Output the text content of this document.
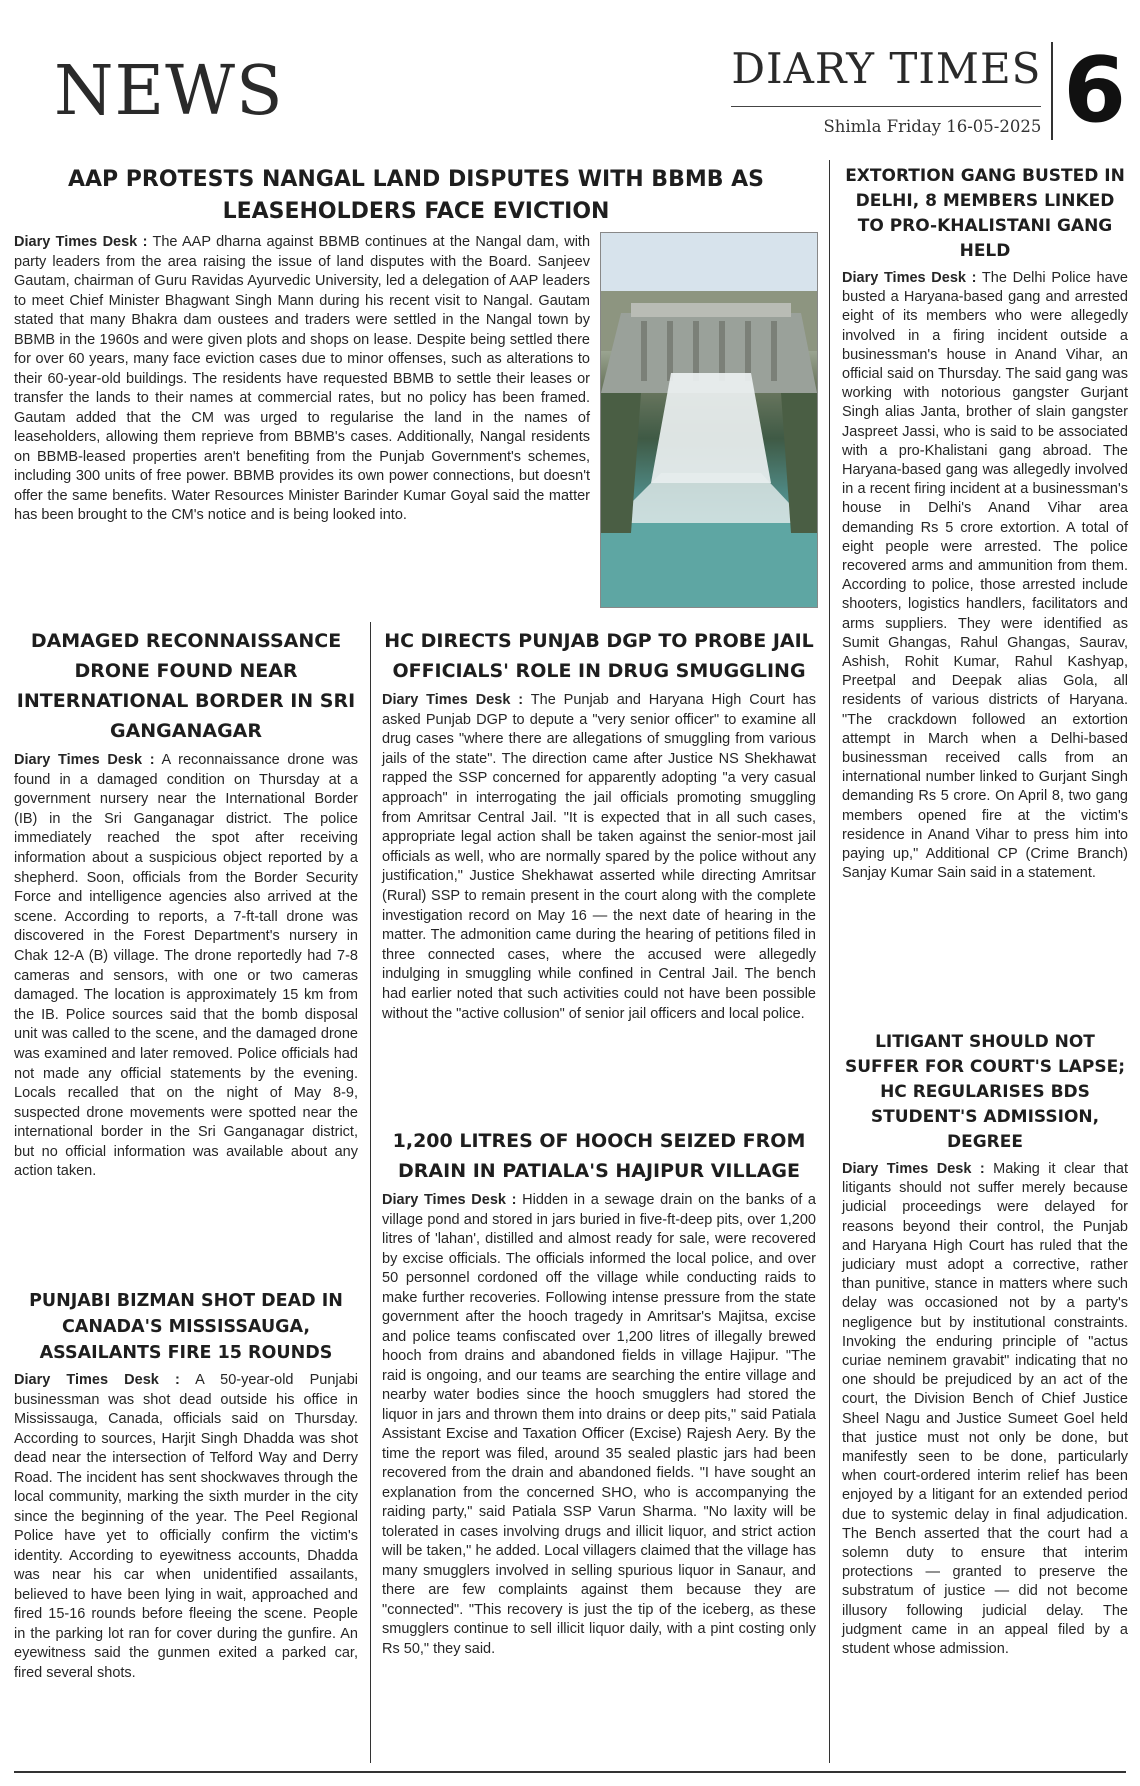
NEWS	DIARY TIMES
Shimla Friday 16-05-2025 6
AAP PROTESTS NANGAL LAND DISPUTES WITH BBMB AS LEASEHOLDERS FACE EVICTION

Diary Times Desk : The AAP dharna against BBMB continues at the Nangal dam, with party leaders from the area raising the issue of land disputes with the Board. Sanjeev Gautam, chairman of Guru Ravidas Ayurvedic University, led a delegation of AAP leaders to meet Chief Minister Bhagwant Singh Mann during his recent visit to Nangal. Gautam stated that many Bhakra dam oustees and traders were settled in the Nangal town by BBMB in the 1960s and were given plots and shops on lease. Despite being settled there for over 60 years, many face eviction cases due to minor offenses, such as alterations to their 60-year-old buildings. The residents have requested BBMB to settle their leases or transfer the lands to their names at commercial rates, but no policy has been framed. Gautam added that the CM was urged to regularise the land in the names of leaseholders, allowing them reprieve from BBMB's cases. Additionally, Nangal residents on BBMB-leased properties aren't benefiting from the Punjab Government's schemes, including 300 units of free power. BBMB provides its own power connections, but doesn't offer the same benefits. Water Resources Minister Barinder Kumar Goyal said the matter has been brought to the CM's notice and is being looked into.

EXTORTION GANG BUSTED IN DELHI, 8 MEMBERS LINKED TO PRO-KHALISTANI GANG HELD

Diary Times Desk : The Delhi Police have busted a Haryana-based gang and arrested eight of its members who were allegedly involved in a firing incident outside a businessman's house in Anand Vihar, an official said on Thursday. The said gang was working with notorious gangster Gurjant Singh alias Janta, brother of slain gangster Jaspreet Jassi, who is said to be associated with a pro-Khalistani gang abroad. The Haryana-based gang was allegedly involved in a recent firing incident at a businessman's house in Delhi's Anand Vihar area demanding Rs 5 crore extortion. A total of eight people were arrested. The police recovered arms and ammunition from them. According to police, those arrested include shooters, logistics handlers, facilitators and arms suppliers. They were identified as Sumit Ghangas, Rahul Ghangas, Saurav, Ashish, Rohit Kumar, Rahul Kashyap, Preetpal and Deepak alias Gola, all residents of various districts of Haryana. "The crackdown followed an extortion attempt in March when a Delhi-based businessman received calls from an international number linked to Gurjant Singh demanding Rs 5 crore. On April 8, two gang members opened fire at the victim's residence in Anand Vihar to press him into paying up," Additional CP (Crime Branch) Sanjay Kumar Sain said in a statement.

LITIGANT SHOULD NOT SUFFER FOR COURT'S LAPSE; HC REGULARISES BDS STUDENT'S ADMISSION, DEGREE

Diary Times Desk : Making it clear that litigants should not suffer merely because judicial proceedings were delayed for reasons beyond their control, the Punjab and Haryana High Court has ruled that the judiciary must adopt a corrective, rather than punitive, stance in matters where such delay was occasioned not by a party's negligence but by institutional constraints. Invoking the enduring principle of "actus curiae neminem gravabit" indicating that no one should be prejudiced by an act of the court, the Division Bench of Chief Justice Sheel Nagu and Justice Sumeet Goel held that justice must not only be done, but manifestly seen to be done, particularly when court-ordered interim relief has been enjoyed by a litigant for an extended period due to systemic delay in final adjudication. The Bench asserted that the court had a solemn duty to ensure that interim protections — granted to preserve the substratum of justice — did not become illusory following judicial delay. The judgment came in an appeal filed by a student whose admission.

DAMAGED RECONNAISSANCE DRONE FOUND NEAR INTERNATIONAL BORDER IN SRI GANGANAGAR

Diary Times Desk : A reconnaissance drone was found in a damaged condition on Thursday at a government nursery near the International Border (IB) in the Sri Ganganagar district. The police immediately reached the spot after receiving information about a suspicious object reported by a shepherd. Soon, officials from the Border Security Force and intelligence agencies also arrived at the scene. According to reports, a 7-ft-tall drone was discovered in the Forest Department's nursery in Chak 12-A (B) village. The drone reportedly had 7-8 cameras and sensors, with one or two cameras damaged. The location is approximately 15 km from the IB. Police sources said that the bomb disposal unit was called to the scene, and the damaged drone was examined and later removed. Police officials had not made any official statements by the evening. Locals recalled that on the night of May 8-9, suspected drone movements were spotted near the international border in the Sri Ganganagar district, but no official information was available about any action taken.

PUNJABI BIZMAN SHOT DEAD IN CANADA'S MISSISSAUGA, ASSAILANTS FIRE 15 ROUNDS

Diary Times Desk : A 50-year-old Punjabi businessman was shot dead outside his office in Mississauga, Canada, officials said on Thursday. According to sources, Harjit Singh Dhadda was shot dead near the intersection of Telford Way and Derry Road. The incident has sent shockwaves through the local community, marking the sixth murder in the city since the beginning of the year. The Peel Regional Police have yet to officially confirm the victim's identity. According to eyewitness accounts, Dhadda was near his car when unidentified assailants, believed to have been lying in wait, approached and fired 15-16 rounds before fleeing the scene. People in the parking lot ran for cover during the gunfire. An eyewitness said the gunmen exited a parked car, fired several shots.

HC DIRECTS PUNJAB DGP TO PROBE JAIL OFFICIALS' ROLE IN DRUG SMUGGLING

Diary Times Desk : The Punjab and Haryana High Court has asked Punjab DGP to depute a "very senior officer" to examine all drug cases "where there are allegations of smuggling from various jails of the state". The direction came after Justice NS Shekhawat rapped the SSP concerned for apparently adopting "a very casual approach" in interrogating the jail officials promoting smuggling from Amritsar Central Jail. "It is expected that in all such cases, appropriate legal action shall be taken against the senior-most jail officials as well, who are normally spared by the police without any justification," Justice Shekhawat asserted while directing Amritsar (Rural) SSP to remain present in the court along with the complete investigation record on May 16 — the next date of hearing in the matter. The admonition came during the hearing of petitions filed in three connected cases, where the accused were allegedly indulging in smuggling while confined in Central Jail. The bench had earlier noted that such activities could not have been possible without the "active collusion" of senior jail officers and local police.

1,200 LITRES OF HOOCH SEIZED FROM DRAIN IN PATIALA'S HAJIPUR VILLAGE

Diary Times Desk : Hidden in a sewage drain on the banks of a village pond and stored in jars buried in five-ft-deep pits, over 1,200 litres of 'lahan', distilled and almost ready for sale, were recovered by excise officials. The officials informed the local police, and over 50 personnel cordoned off the village while conducting raids to make further recoveries. Following intense pressure from the state government after the hooch tragedy in Amritsar's Majitsa, excise and police teams confiscated over 1,200 litres of illegally brewed hooch from drains and abandoned fields in village Hajipur. "The raid is ongoing, and our teams are searching the entire village and nearby water bodies since the hooch smugglers had stored the liquor in jars and thrown them into drains or deep pits," said Patiala Assistant Excise and Taxation Officer (Excise) Rajesh Aery. By the time the report was filed, around 35 sealed plastic jars had been recovered from the drain and abandoned fields. "I have sought an explanation from the concerned SHO, who is accompanying the raiding party," said Patiala SSP Varun Sharma. "No laxity will be tolerated in cases involving drugs and illicit liquor, and strict action will be taken," he added. Local villagers claimed that the village has many smugglers involved in selling spurious liquor in Sanaur, and there are few complaints against them because they are "connected". "This recovery is just the tip of the iceberg, as these smugglers continue to sell illicit liquor daily, with a pint costing only Rs 50," they said.
